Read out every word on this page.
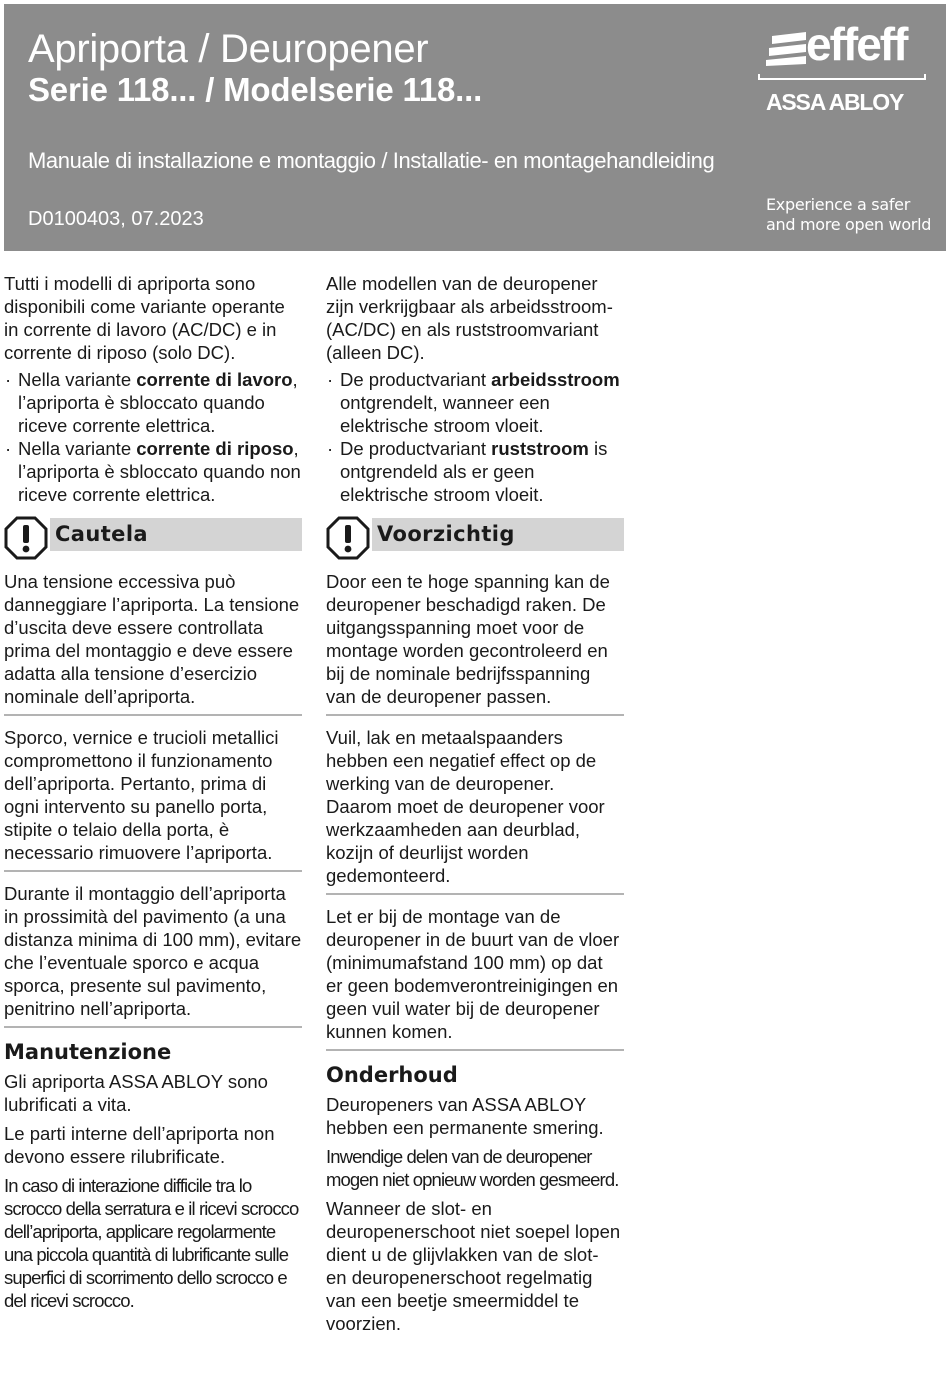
Apriporta / Deuropener
Serie 118... / Modelserie 118...
Manuale di installazione e montaggio / Installatie- en montagehandleiding
D0100403, 07.2023
effeff
ASSA ABLOY
Experience a safer
and more open world

Tutti i modelli di apriporta sono disponibili come variante operante in corrente di lavoro (AC/DC) e in corrente di riposo (solo DC).

· Nella variante corrente di lavoro, l’apriporta è sbloccato quando riceve corrente elettrica.
· Nella variante corrente di riposo, l’apriporta è sbloccato quando non riceve corrente elettrica.
Cautela

Una tensione eccessiva può danneggiare l’apriporta. La tensione d’uscita deve essere controllata prima del montaggio e deve essere adatta alla tensione d’esercizio nominale dell’apriporta.

Sporco, vernice e trucioli metallici compromettono il funzionamento dell’apriporta. Pertanto, prima di ogni intervento su panello porta, stipite o telaio della porta, è necessario rimuovere l’apriporta.

Durante il montaggio dell’apriporta in prossimità del pavimento (a una distanza minima di 100 mm), evitare che l’eventuale sporco e acqua sporca, presente sul pavimento, penitrino nell’apriporta.

Manutenzione

Gli apriporta ASSA ABLOY sono lubrificati a vita.

Le parti interne dell’apriporta non devono essere rilubrificate.

In caso di interazione difficile tra lo scrocco della serratura e il ricevi scrocco dell’apriporta, applicare regolarmente una piccola quantità di lubrificante sulle superfici di scorrimento dello scrocco e del ricevi scrocco.

Alle modellen van de deuropener zijn verkrijgbaar als arbeidsstroom- (AC/DC) en als ruststroomvariant (alleen DC).

· De productvariant arbeidsstroom ontgrendelt, wanneer een elektrische stroom vloeit.
· De productvariant ruststroom is ontgrendeld als er geen elektrische stroom vloeit.
Voorzichtig

Door een te hoge spanning kan de deuropener beschadigd raken. De uitgangsspanning moet voor de montage worden gecontroleerd en bij de nominale bedrijfsspanning van de deuropener passen.

Vuil, lak en metaalspaanders hebben een negatief effect op de werking van de deuropener. Daarom moet de deuropener voor werkzaamheden aan deurblad, kozijn of deurlijst worden gedemonteerd.

Let er bij de montage van de deuropener in de buurt van de vloer (minimumafstand 100 mm) op dat er geen bodemverontreinigingen en geen vuil water bij de deuropener kunnen komen.

Onderhoud

Deuropeners van ASSA ABLOY hebben een permanente smering.

Inwendige delen van de deuropener mogen niet opnieuw worden gesmeerd.

Wanneer de slot- en deuropenerschoot niet soepel lopen dient u de glijvlakken van de slot- en deuropenerschoot regelmatig van een beetje smeermiddel te voorzien.
